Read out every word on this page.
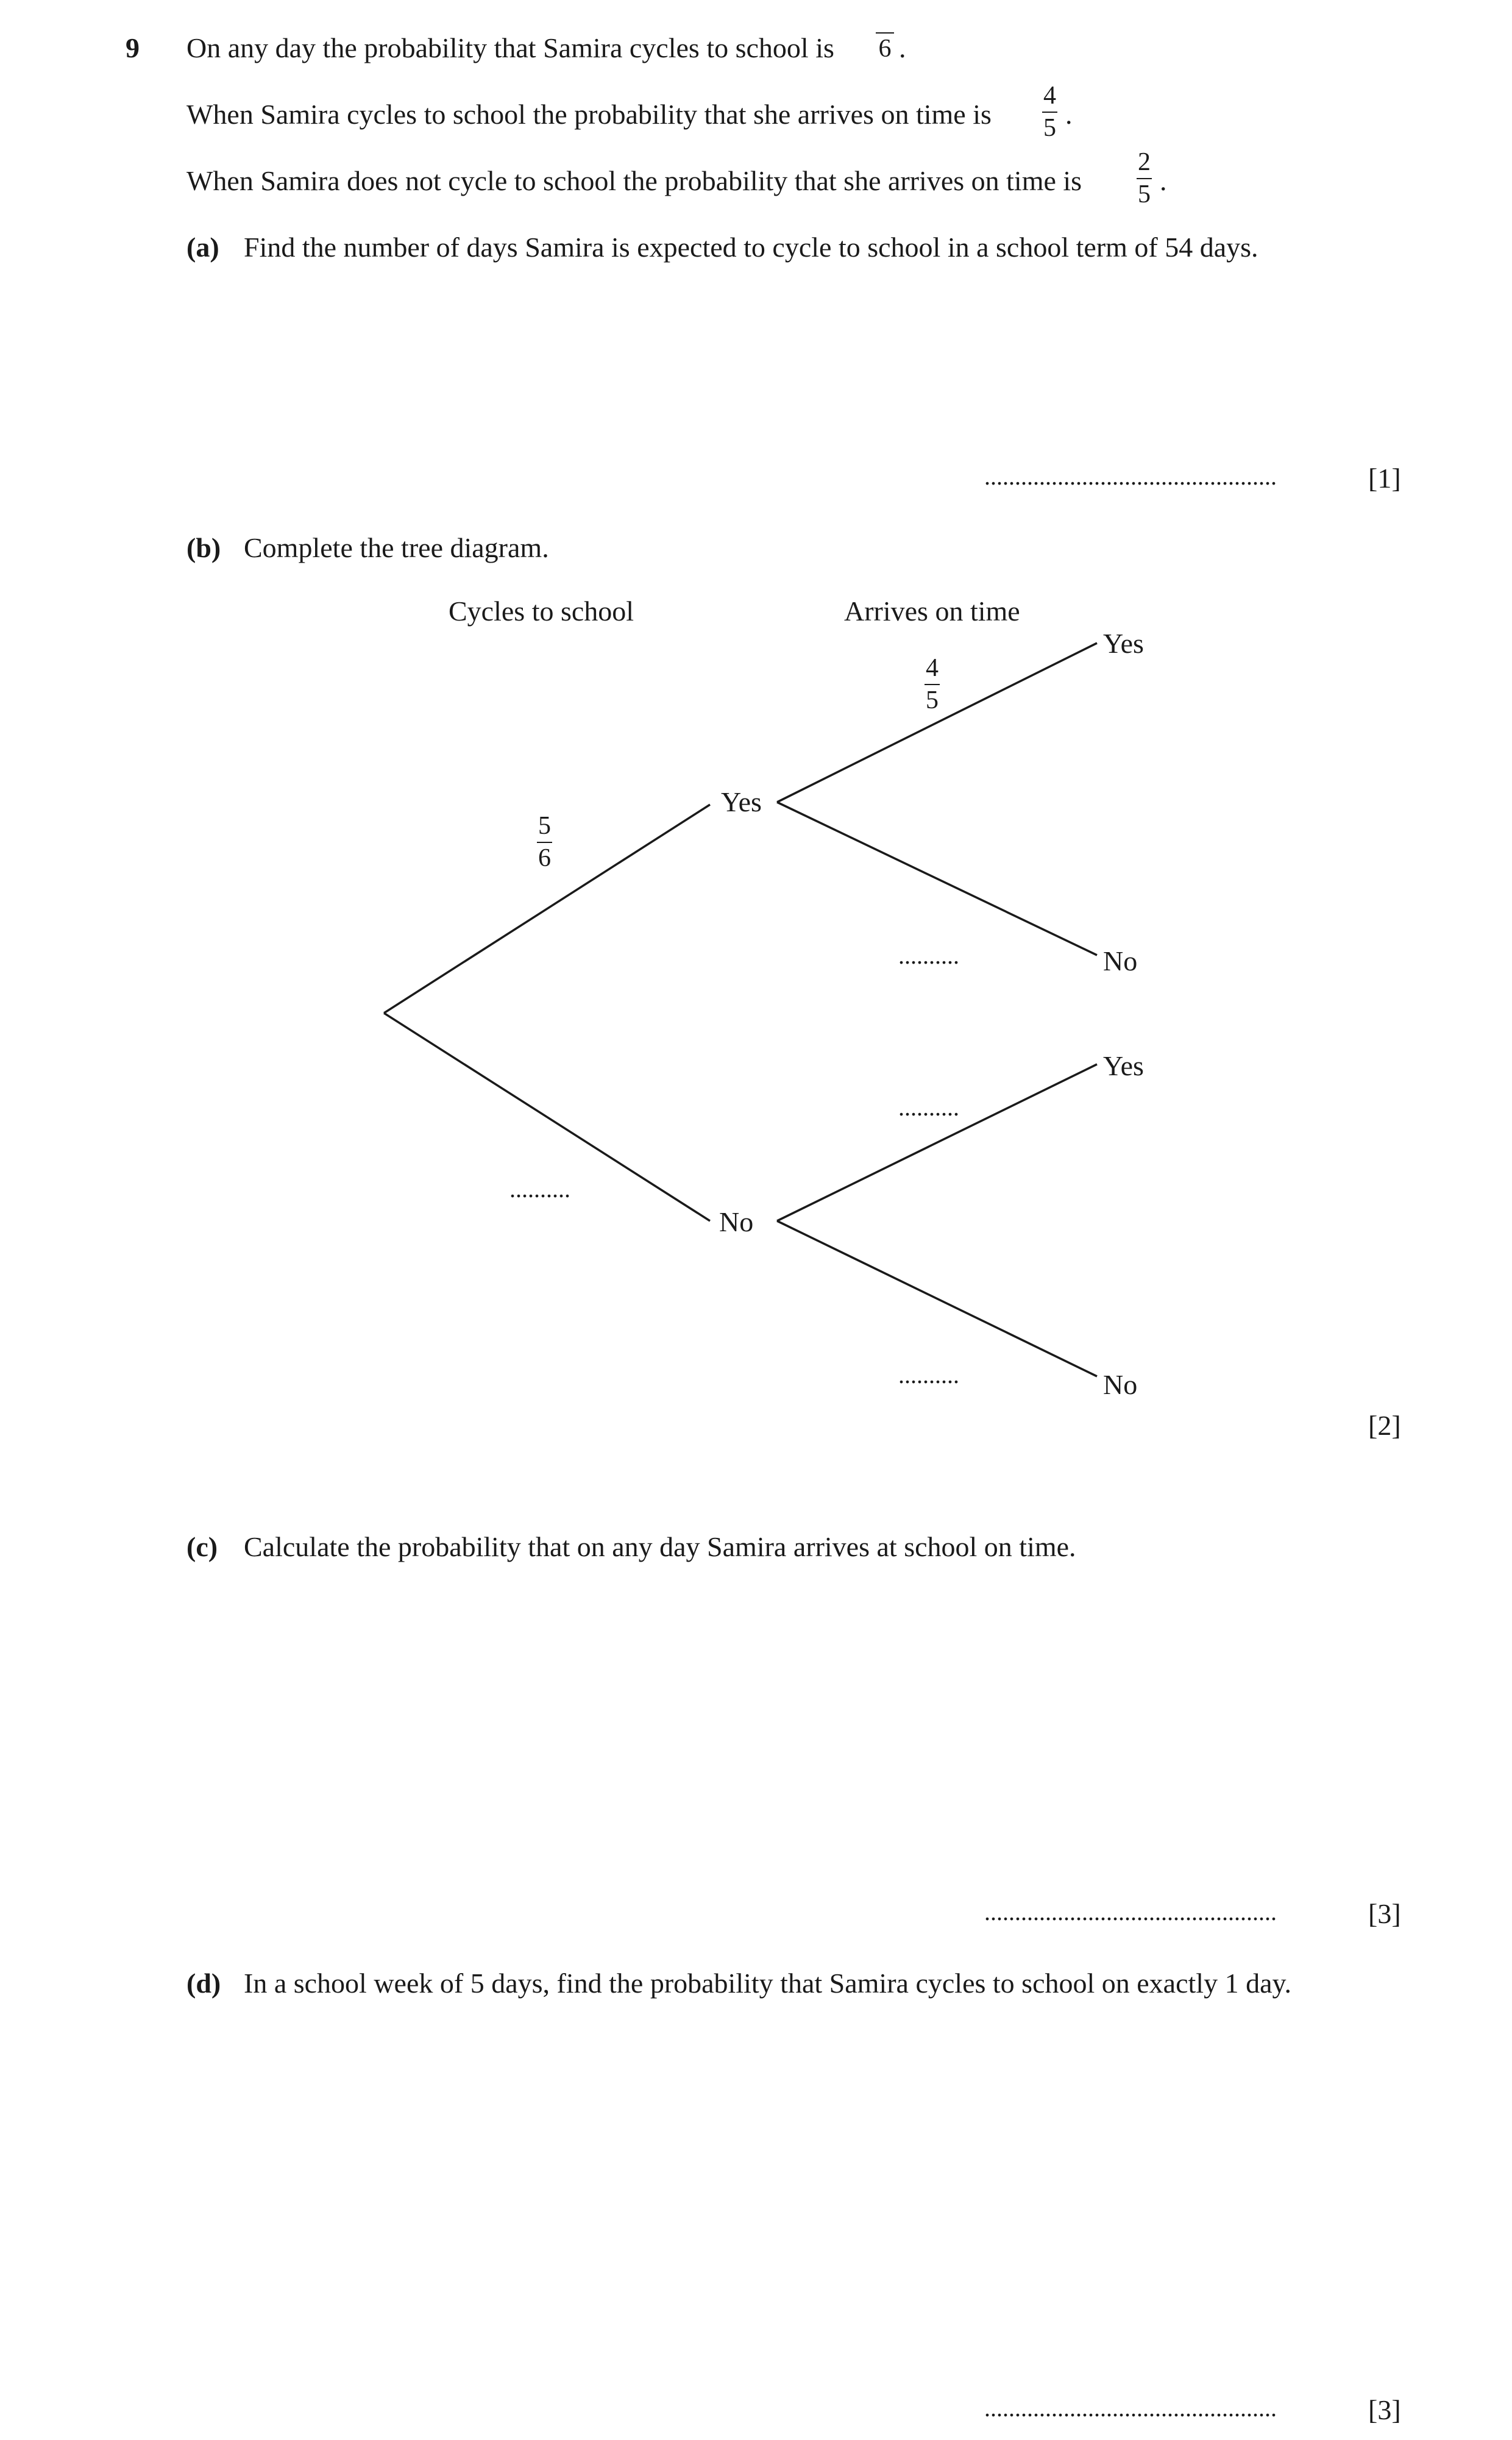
9 On any day the probability that Samira cycles to school is 6 .
When Samira cycles to school the probability that she arrives on time is
4
5 .
When Samira does not cycle to school the probability that she arrives on time is
2
5 .
(a) Find the number of days Samira is expected to cycle to school in a school term of 54 days.
................................................	[1]
(b) Complete the tree diagram.
Cycles to school	Arrives on time
Yes
No
5
6
..........
Yes
No
Yes
No
4
5
..........
..........
..........
[2]
(c) Calculate the probability that on any day Samira arrives at school on time.
................................................	[3]
(d) In a school week of 5 days, find the probability that Samira cycles to school on exactly 1 day.
................................................	[3]
